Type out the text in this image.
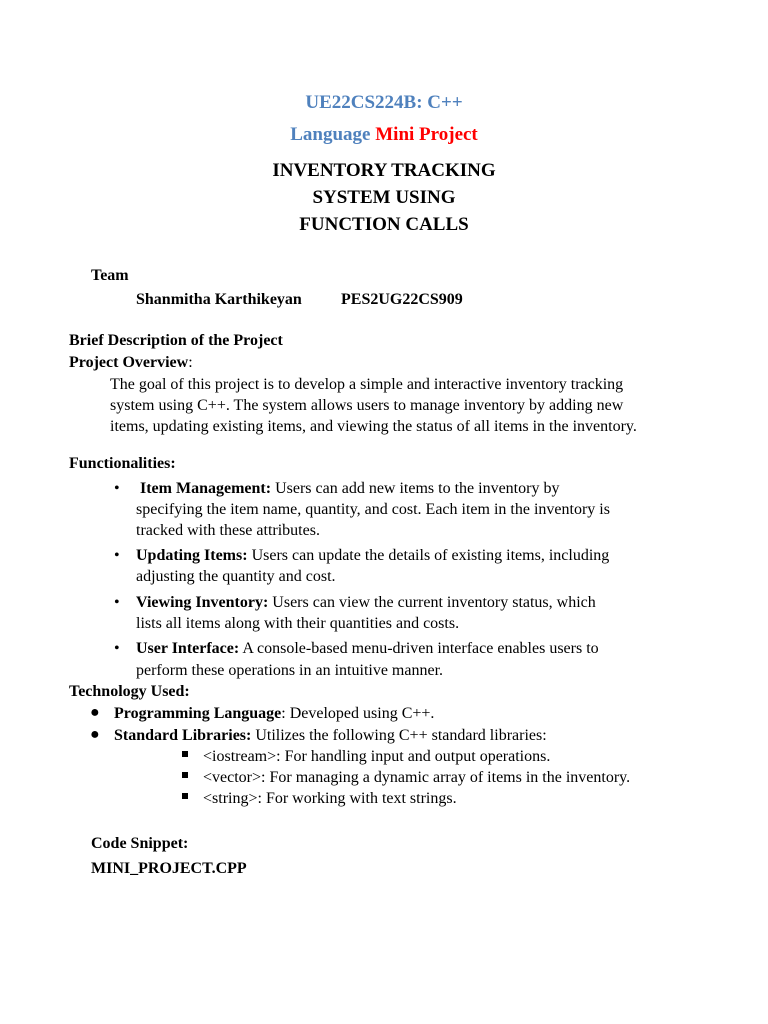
UE22CS224B: C++
Language Mini Project
INVENTORY TRACKING
SYSTEM USING
FUNCTION CALLS
Team
Shanmitha Karthikeyan PES2UG22CS909
Brief Description of the Project
Project Overview:
The goal of this project is to develop a simple and interactive inventory tracking
system using C++. The system allows users to manage inventory by adding new
items, updating existing items, and viewing the status of all items in the inventory.
Functionalities:
• Item Management: Users can add new items to the inventory by
specifying the item name, quantity, and cost. Each item in the inventory is
tracked with these attributes.
• Updating Items: Users can update the details of existing items, including
adjusting the quantity and cost.
• Viewing Inventory: Users can view the current inventory status, which
lists all items along with their quantities and costs.
• User Interface: A console-based menu-driven interface enables users to
perform these operations in an intuitive manner.
Technology Used:
● Programming Language: Developed using C++.
● Standard Libraries: Utilizes the following C++ standard libraries:
<iostream>: For handling input and output operations.
<vector>: For managing a dynamic array of items in the inventory.
<string>: For working with text strings.
Code Snippet:
MINI_PROJECT.CPP
